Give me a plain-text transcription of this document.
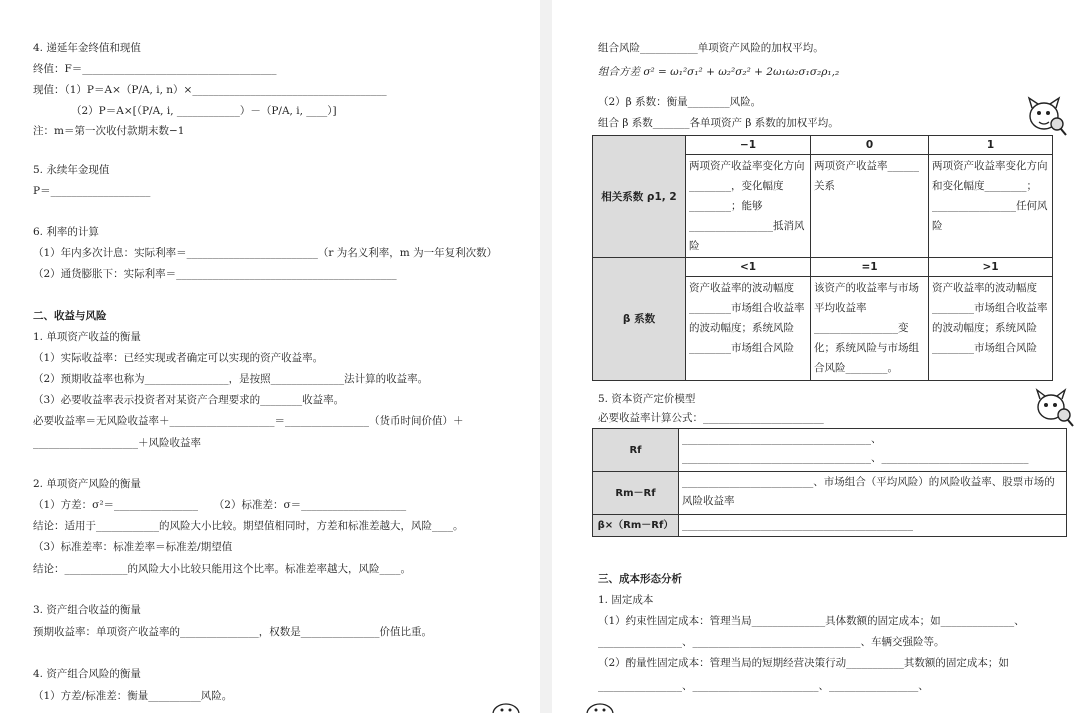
4. 递延年金终值和现值
终值：F＝_____________________________________
现值：（1）P＝A×（P/A, i, n）×_____________________________________
（2）P＝A×[（P/A, i, ____________）－（P/A, i, ____）]
注：m＝第一次收付款期末数−1
5. 永续年金现值
P＝___________________
6. 利率的计算
（1）年内多次计息：实际利率＝_________________________（r 为名义利率，m 为一年复利次数）
（2）通货膨胀下：实际利率＝__________________________________________
二、收益与风险
1. 单项资产收益的衡量
（1）实际收益率：已经实现或者确定可以实现的资产收益率。
（2）预期收益率也称为________________，是按照______________法计算的收益率。
（3）必要收益率表示投资者对某资产合理要求的________收益率。
必要收益率＝无风险收益率＋____________________＝________________（货币时间价值）＋
____________________＋风险收益率
2. 单项资产风险的衡量
（1）方差：σ²＝________________　　（2）标准差：σ＝____________________
结论：适用于____________的风险大小比较。期望值相同时，方差和标准差越大，风险____。
（3）标准差率：标准差率＝标准差/期望值
结论：____________的风险大小比较只能用这个比率。标准差率越大，风险____。
3. 资产组合收益的衡量
预期收益率：单项资产收益率的_______________，权数是_______________价值比重。
4. 资产组合风险的衡量
（1）方差/标准差：衡量__________风险。
组合风险___________单项资产风险的加权平均。
组合方差 σ² = ω₁²σ₁² + ω₂²σ₂² + 2ω₁ω₂σ₁σ₂ρ₁,₂
（2）β 系数：衡量________风险。
组合 β 系数_______各单项资产 β 系数的加权平均。
相关系数 ρ1, 2	−1	0	1
	两项资产收益率变化方向________，变化幅度________；能够________________抵消风险	两项资产收益率______关系	两项资产收益率变化方向和变化幅度________；________________任何风险
β 系数	<1	=1	>1
	资产收益率的波动幅度________市场组合收益率的波动幅度；系统风险________市场组合风险	该资产的收益率与市场平均收益率________________变化；系统风险与市场组合风险________。	资产收益率的波动幅度________市场组合收益率的波动幅度；系统风险________市场组合风险
5. 资本资产定价模型
必要收益率计算公式：_______________________
Rf	____________________________________、____________________________________、____________________________
Rm－Rf	_________________________、市场组合（平均风险）的风险收益率、股票市场的风险收益率
β×（Rm－Rf）	____________________________________________
三、成本形态分析
1. 固定成本
（1）约束性固定成本：管理当局______________具体数额的固定成本；如______________、
________________、________________________________、车辆交强险等。
（2）酌量性固定成本：管理当局的短期经营决策行动___________其数额的固定成本；如
________________、________________________、_________________、
